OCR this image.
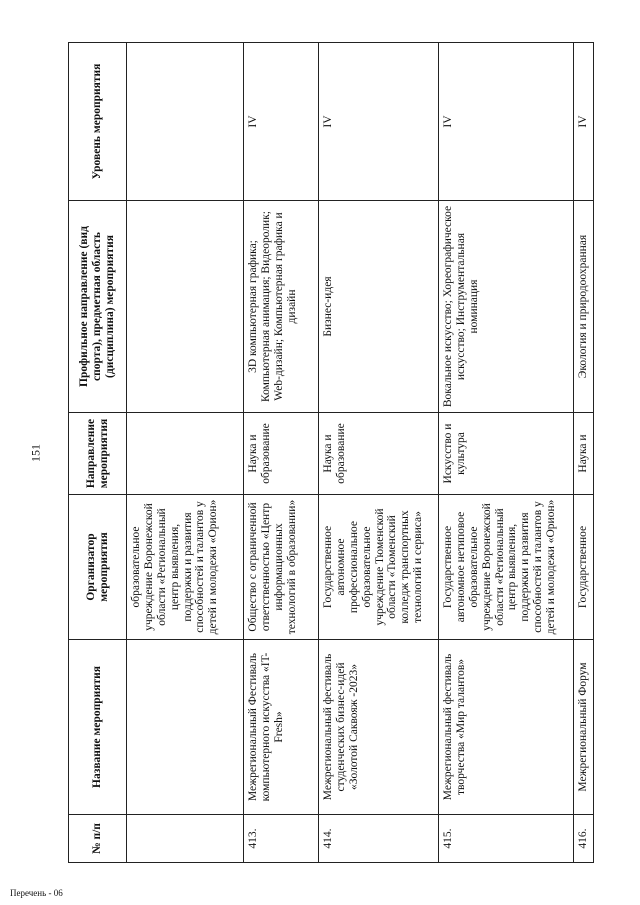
151
№ п/п	Название мероприятия	Организатор мероприятия	Направление мероприятия	Профильное направление (вид спорта), предметная область (дисциплина) мероприятия	Уровень мероприятия
		образовательное учреждение Воронежской области «Региональный центр выявления, поддержки и развития способностей и талантов у детей и молодежи «Орион»			
413.	Межрегиональный Фестиваль компьютерного искусства «IT-Fresh»	Общество с ограниченной ответственностью «Центр информационных технологий в образовании»	Наука и образование	3D компьютерная графика; Компьютерная анимация; Видеоролик; Web-дизайн; Компьютерная графика и дизайн	IV
414.	Межрегиональный фестиваль студенческих бизнес-идей «Золотой Саквояж -2023»	Государственное автономное профессиональное образовательное учреждение Тюменской области «Тюменский колледж транспортных технологий и сервиса»	Наука и образование	Бизнес-идея	IV
415.	Межрегиональный фестиваль творчества «Мир талантов»	Государственное автономное нетиповое образовательное учреждение Воронежской области «Региональный центр выявления, поддержки и развития способностей и талантов у детей и молодежи «Орион»	Искусство и культура	Вокальное искусство; Хореографическое искусство; Инструментальная номинация	IV
416.	Межрегиональный Форум	Государственное	Наука и	Экология и природоохранная	IV
Перечень - 06
